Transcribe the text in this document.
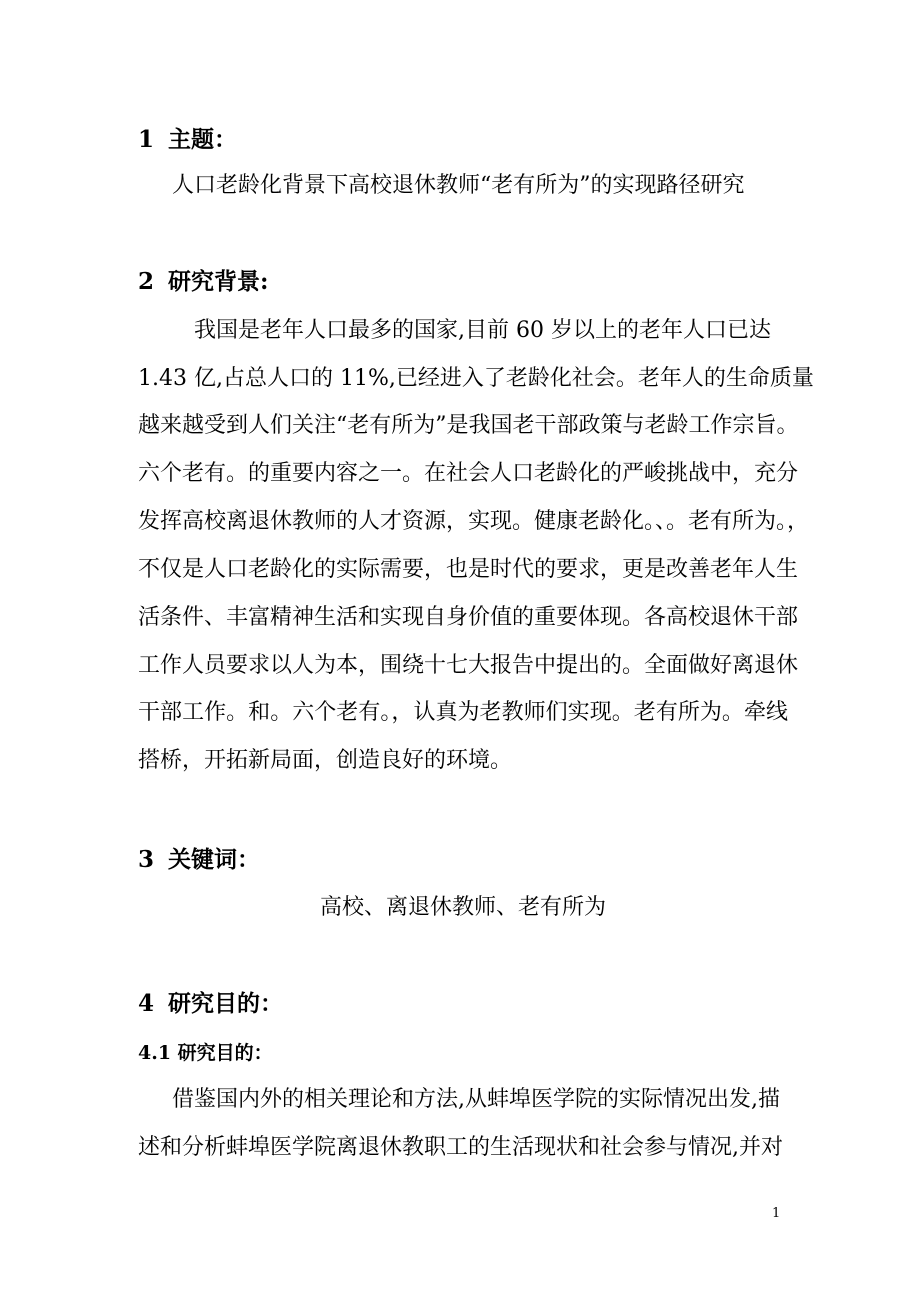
1 主题：
人口老龄化背景下高校退休教师“老有所为”的实现路径研究
2 研究背景:
我国是老年人口最多的国家,目前 60 岁以上的老年人口已达
1.43 亿,占总人口的 11%,已经进入了老龄化社会。老年人的生命质量
越来越受到人们关注“老有所为”是我国老干部政策与老龄工作宗旨。
六个老有。的重要内容之一。在社会人口老龄化的严峻挑战中，充分
发挥高校离退休教师的人才资源，实现。健康老龄化。、。老有所为。，
不仅是人口老龄化的实际需要，也是时代的要求，更是改善老年人生
活条件、丰富精神生活和实现自身价值的重要体现。各高校退休干部
工作人员要求以人为本，围绕十七大报告中提出的。全面做好离退休
干部工作。和。六个老有。，认真为老教师们实现。老有所为。牵线
搭桥，开拓新局面，创造良好的环境。
3 关键词：
高校、离退休教师、老有所为
4 研究目的：
4.1 研究目的：
借鉴国内外的相关理论和方法,从蚌埠医学院的实际情况出发,描
述和分析蚌埠医学院离退休教职工的生活现状和社会参与情况,并对
1
